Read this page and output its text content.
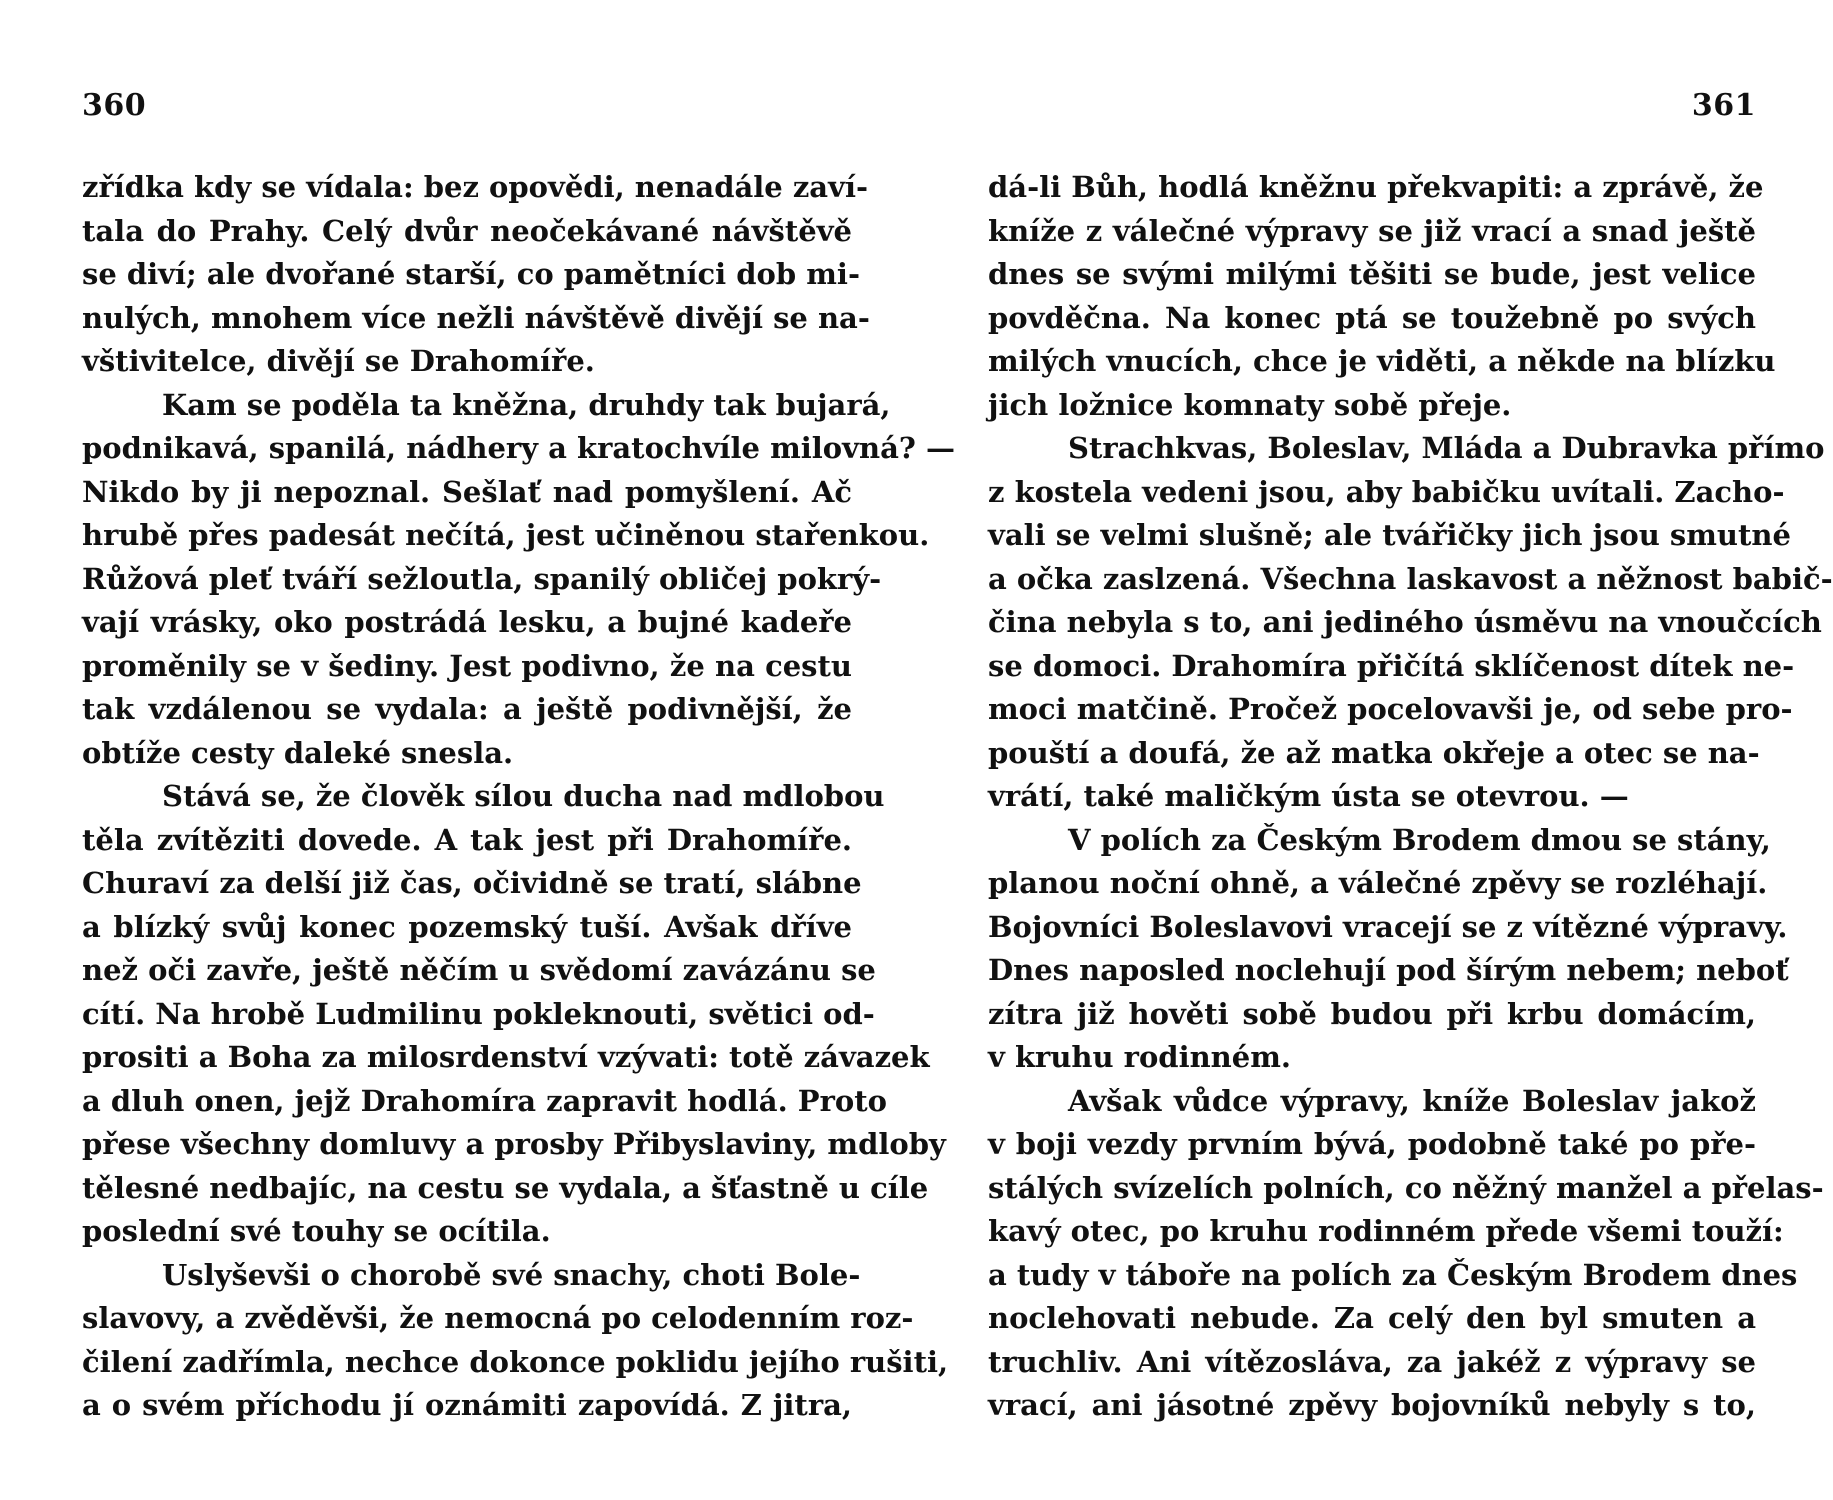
360
zřídka kdy se vídala: bez opovědi, nenadále zaví-
tala do Prahy. Celý dvůr neočekávané návštěvě
se diví; ale dvořané starší, co pamětníci dob mi-
nulých, mnohem více nežli návštěvě divějí se na-
vštivitelce, divějí se Drahomíře.
Kam se poděla ta kněžna, druhdy tak bujará,
podnikavá, spanilá, nádhery a kratochvíle milovná? —
Nikdo by ji nepoznal. Sešlať nad pomyšlení. Ač
hrubě přes padesát nečítá, jest učiněnou stařenkou.
Růžová pleť tváří sežloutla, spanilý obličej pokrý-
vají vrásky, oko postrádá lesku, a bujné kadeře
proměnily se v šediny. Jest podivno, že na cestu
tak vzdálenou se vydala: a ještě podivnější, že
obtíže cesty daleké snesla.
Stává se, že člověk sílou ducha nad mdlobou
těla zvítěziti dovede. A tak jest při Drahomíře.
Churaví za delší již čas, očividně se tratí, slábne
a blízký svůj konec pozemský tuší. Avšak dříve
než oči zavře, ještě něčím u svědomí zavázánu se
cítí. Na hrobě Ludmilinu pokleknouti, světici od-
prositi a Boha za milosrdenství vzývati: totě závazek
a dluh onen, jejž Drahomíra zapravit hodlá. Proto
přese všechny domluvy a prosby Přibyslaviny, mdloby
tělesné nedbajíc, na cestu se vydala, a šťastně u cíle
poslední své touhy se ocítila.
Uslyševši o chorobě své snachy, choti Bole-
slavovy, a zvěděvši, že nemocná po celodenním roz-
čilení zadřímla, nechce dokonce poklidu jejího rušiti,
a o svém příchodu jí oznámiti zapovídá. Z jitra,
361
dá-li Bůh, hodlá kněžnu překvapiti: a zprávě, že
kníže z válečné výpravy se již vrací a snad ještě
dnes se svými milými těšiti se bude, jest velice
povděčna. Na konec ptá se toužebně po svých
milých vnucích, chce je viděti, a někde na blízku
jich ložnice komnaty sobě přeje.
Strachkvas, Boleslav, Mláda a Dubravka přímo
z kostela vedeni jsou, aby babičku uvítali. Zacho-
vali se velmi slušně; ale tvářičky jich jsou smutné
a očka zaslzená. Všechna laskavost a něžnost babič-
čina nebyla s to, ani jediného úsměvu na vnoučcích
se domoci. Drahomíra přičítá sklíčenost dítek ne-
moci matčině. Pročež pocelovavši je, od sebe pro-
pouští a doufá, že až matka okřeje a otec se na-
vrátí, také maličkým ústa se otevrou. —
V polích za Českým Brodem dmou se stány,
planou noční ohně, a válečné zpěvy se rozléhají.
Bojovníci Boleslavovi vracejí se z vítězné výpravy.
Dnes naposled noclehují pod šírým nebem; neboť
zítra již hověti sobě budou při krbu domácím,
v kruhu rodinném.
Avšak vůdce výpravy, kníže Boleslav jakož
v boji vezdy prvním bývá, podobně také po pře-
stálých svízelích polních, co něžný manžel a přelas-
kavý otec, po kruhu rodinném přede všemi touží:
a tudy v táboře na polích za Českým Brodem dnes
noclehovati nebude. Za celý den byl smuten a
truchliv. Ani vítězosláva, za jakéž z výpravy se
vrací, ani jásotné zpěvy bojovníků nebyly s to,
